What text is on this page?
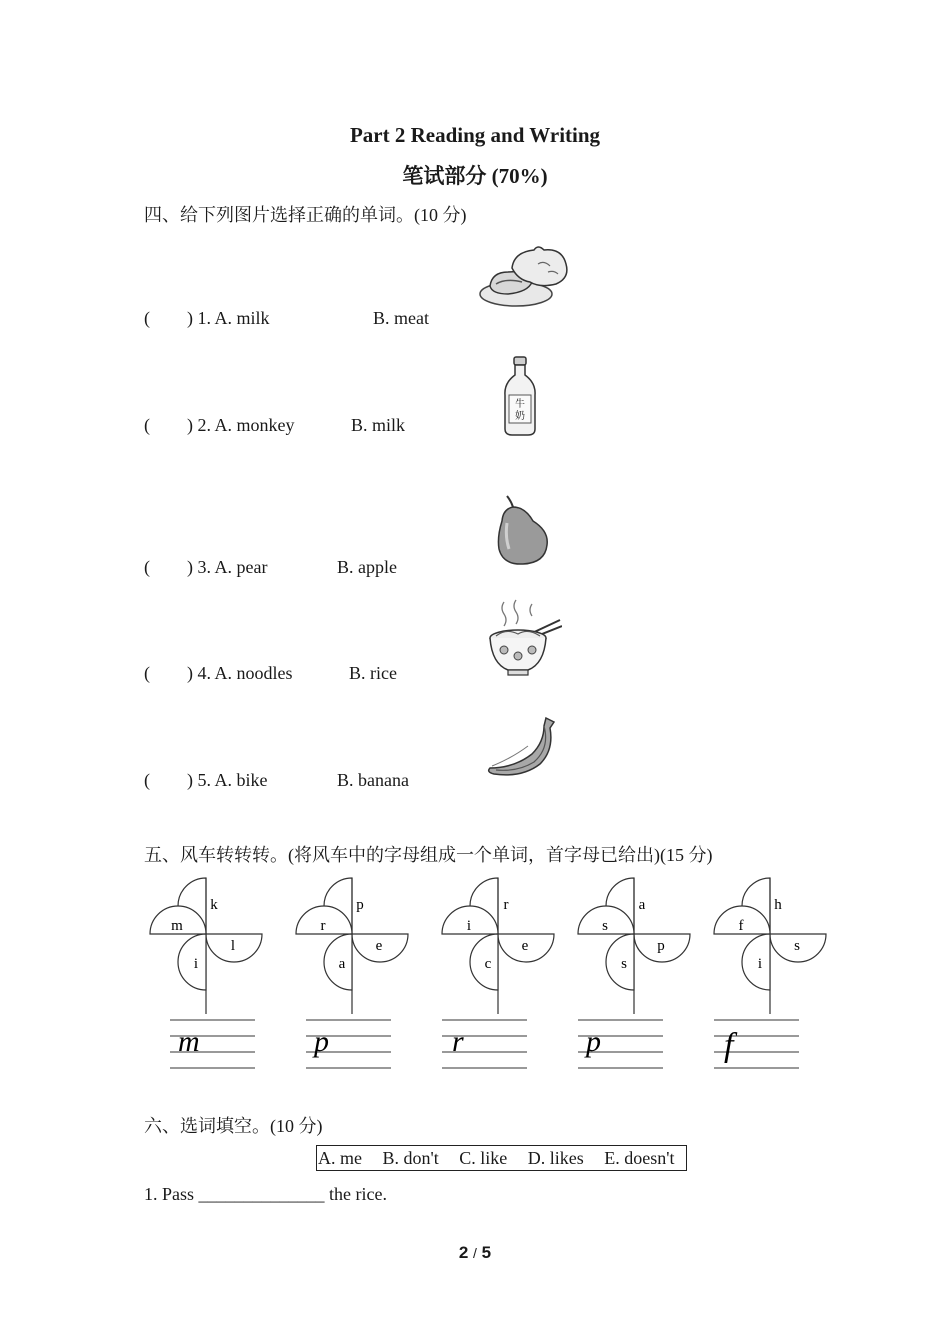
Part 2 Reading and Writing
笔试部分 (70%)
四、给下列图片选择正确的单词。(10 分)
( ) 1. A. milk	B. meat
( ) 2. A. monkey	B. milk
牛
奶
( ) 3. A. pear	B. apple
( ) 4. A. noodles	B. rice
( ) 5. A. bike	B. banana
五、风车转转转。(将风车中的字母组成一个单词，首字母已给出)(15 分)
m
k
l
i
r
p
e
a
i
r
e
c
s
a
p
s
f
h
s
i
m	p	r	p	f
六、选词填空。(10 分)
A. me B. don't C. like D. likes E. doesn't
1. Pass ______________ the rice.
2 / 5
